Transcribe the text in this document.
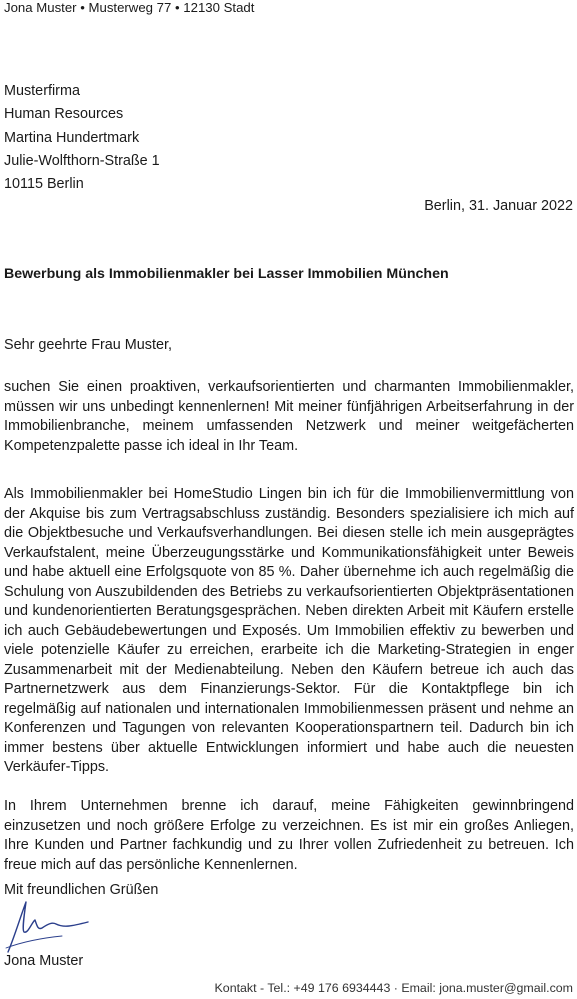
Jona Muster • Musterweg 77 • 12130 Stadt
Musterfirma
Human Resources
Martina Hundertmark
Julie-Wolfthorn-Straße 1
10115 Berlin
Berlin, 31. Januar 2022
Bewerbung als Immobilienmakler bei Lasser Immobilien München
Sehr geehrte Frau Muster,
suchen Sie einen proaktiven, verkaufsorientierten und charmanten Immobilienmakler, müssen wir uns unbedingt kennenlernen! Mit meiner fünfjährigen Arbeitserfahrung in der Immobilienbranche, meinem umfassenden Netzwerk und meiner weitgefächerten Kompetenzpalette passe ich ideal in Ihr Team.
Als Immobilienmakler bei HomeStudio Lingen bin ich für die Immobilienvermittlung von der Akquise bis zum Vertragsabschluss zuständig. Besonders spezialisiere ich mich auf die Objektbesuche und Verkaufsverhandlungen. Bei diesen stelle ich mein ausgeprägtes Verkaufstalent, meine Überzeugungsstärke und Kommunikationsfähigkeit unter Beweis und habe aktuell eine Erfolgsquote von 85 %. Daher übernehme ich auch regelmäßig die Schulung von Auszubildenden des Betriebs zu verkaufsorientierten Objektpräsentationen und kundenorientierten Beratungsgesprächen. Neben direkten Arbeit mit Käufern erstelle ich auch Gebäudebewertungen und Exposés. Um Immobilien effektiv zu bewerben und viele potenzielle Käufer zu erreichen, erarbeite ich die Marketing-Strategien in enger Zusammenarbeit mit der Medienabteilung. Neben den Käufern betreue ich auch das Partnernetzwerk aus dem Finanzierungs-Sektor. Für die Kontaktpflege bin ich regelmäßig auf nationalen und internationalen Immobilienmessen präsent und nehme an Konferenzen und Tagungen von relevanten Kooperationspartnern teil. Dadurch bin ich immer bestens über aktuelle Entwicklungen informiert und habe auch die neuesten Verkäufer-Tipps.
In Ihrem Unternehmen brenne ich darauf, meine Fähigkeiten gewinnbringend einzusetzen und noch größere Erfolge zu verzeichnen. Es ist mir ein großes Anliegen, Ihre Kunden und Partner fachkundig und zu Ihrer vollen Zufriedenheit zu betreuen. Ich freue mich auf das persönliche Kennenlernen.
Mit freundlichen Grüßen
Jona Muster
Kontakt - Tel.: +49 176 6934443 · Email: jona.muster@gmail.com
